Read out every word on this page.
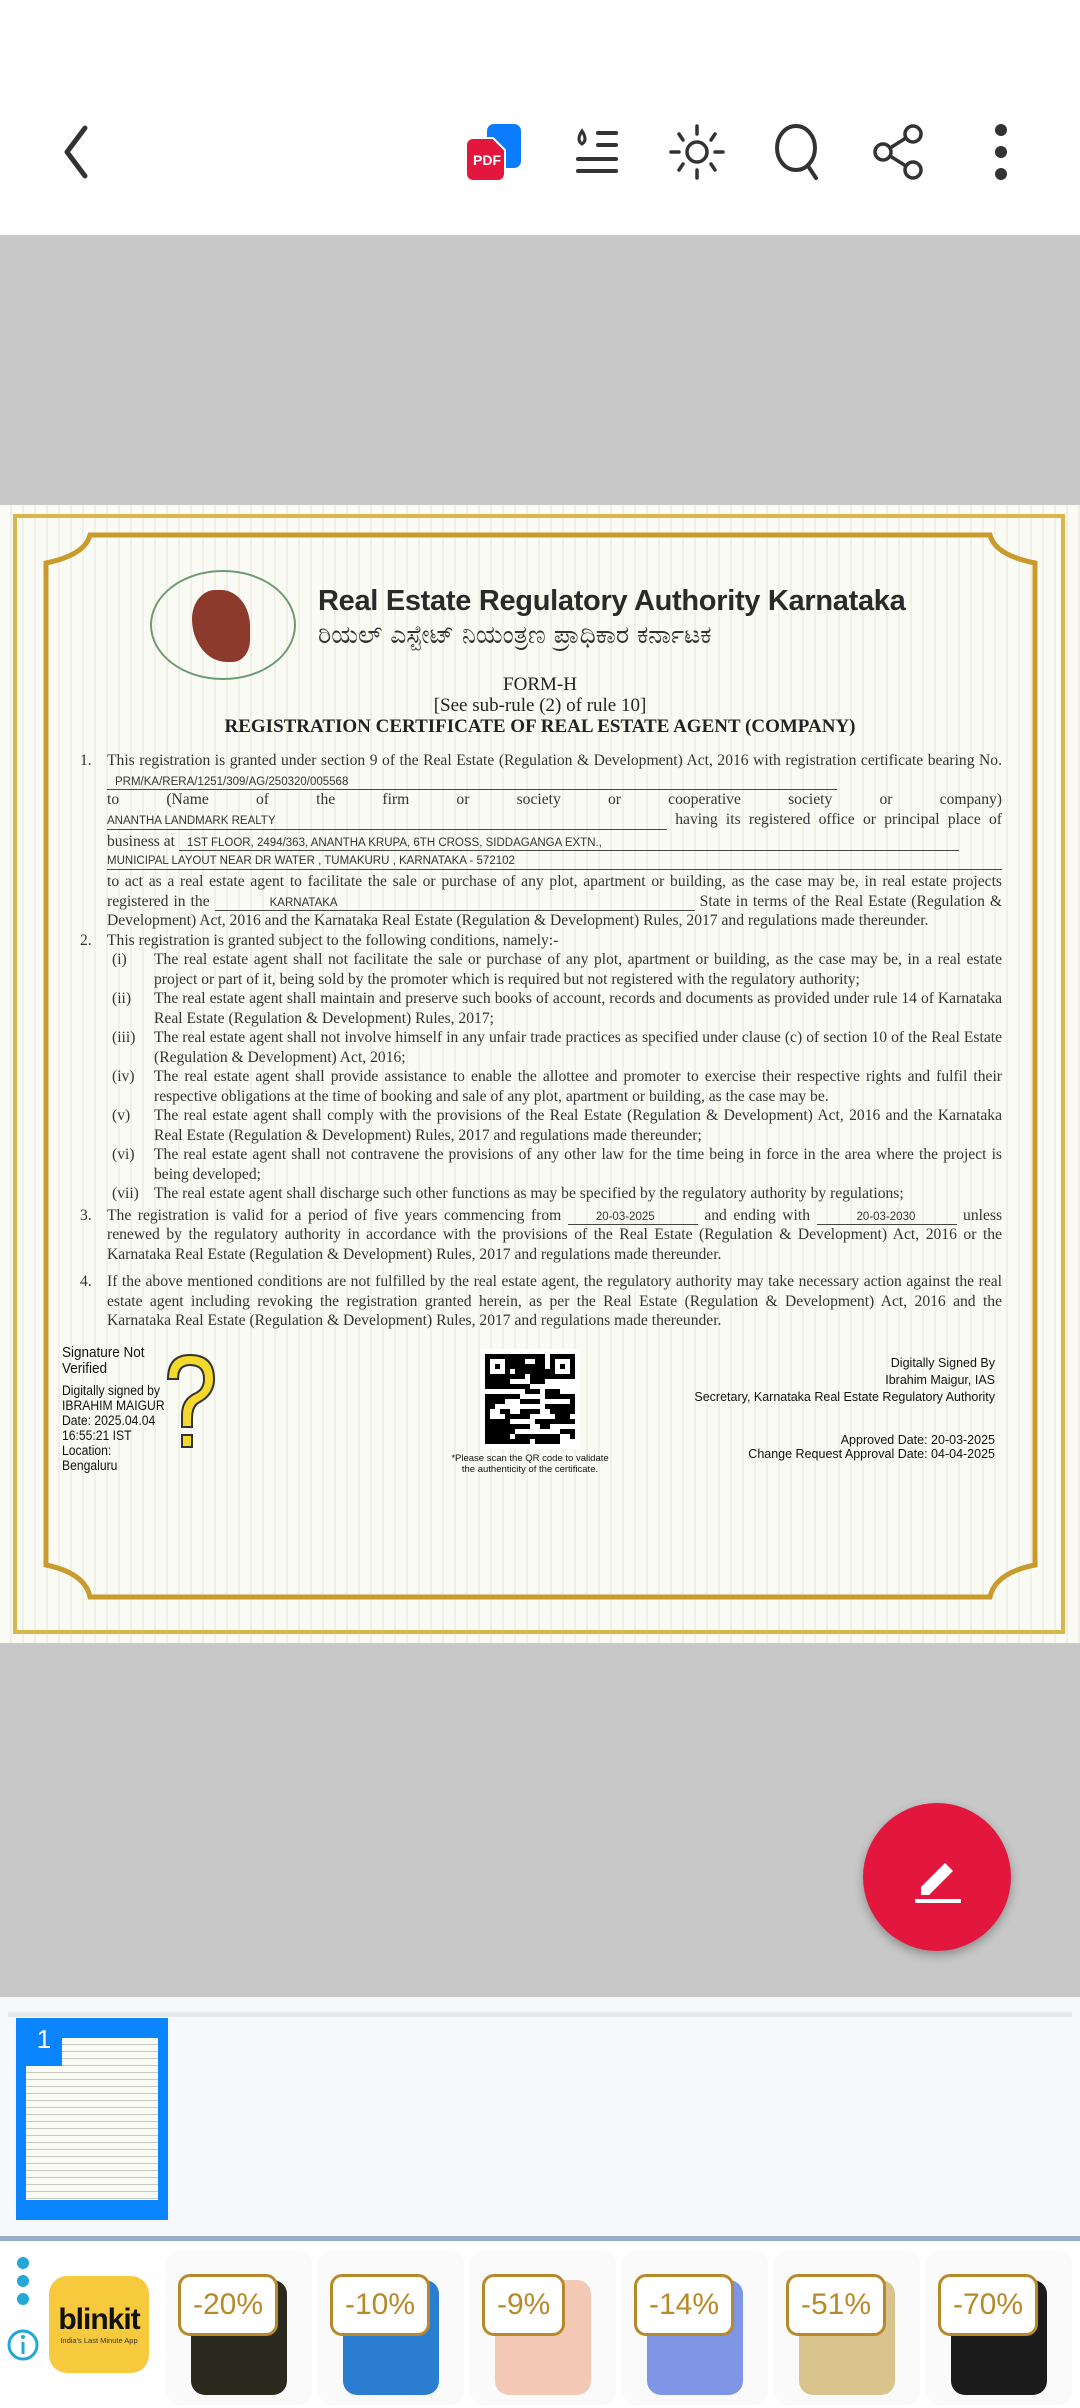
PDF
Real Estate Regulatory Authority Karnataka
ರಿಯಲ್ ಎಸ್ಟೇಟ್ ನಿಯಂತ್ರಣ ಪ್ರಾಧಿಕಾರ ಕರ್ನಾಟಕ
FORM-H
[See sub-rule (2) of rule 10]
REGISTRATION CERTIFICATE OF REAL ESTATE AGENT (COMPANY)
1. This registration is granted under section 9 of the Real Estate (Regulation & Development) Act, 2016 with registration certificate bearing No. PRM/KA/RERA/1251/309/AG/250320/005568
to (Name of the firm or society or cooperative society or company) ANANTHA LANDMARK REALTY	having its registered office or principal place of business at 1ST FLOOR, 2494/363, ANANTHA KRUPA, 6TH CROSS, SIDDAGANGA EXTN.,
MUNICIPAL LAYOUT NEAR DR WATER , TUMAKURU , KARNATAKA - 572102
to act as a real estate agent to facilitate the sale or purchase of any plot, apartment or building, as the case may be, in real estate projects registered in the	KARNATAKA	State in terms of the Real Estate (Regulation & Development) Act, 2016 and the Karnataka Real Estate (Regulation & Development) Rules, 2017 and regulations made thereunder.
2. This registration is granted subject to the following conditions, namely:-
(i)	The real estate agent shall not facilitate the sale or purchase of any plot, apartment or building, as the case may be, in a real estate project or part of it, being sold by the promoter which is required but not registered with the regulatory authority;
(ii)	The real estate agent shall maintain and preserve such books of account, records and documents as provided under rule 14 of Karnataka Real Estate (Regulation & Development) Rules, 2017;
(iii)	The real estate agent shall not involve himself in any unfair trade practices as specified under clause (c) of section 10 of the Real Estate (Regulation & Development) Act, 2016;
(iv)	The real estate agent shall provide assistance to enable the allottee and promoter to exercise their respective rights and fulfil their respective obligations at the time of booking and sale of any plot, apartment or building, as the case may be.
(v)	The real estate agent shall comply with the provisions of the Real Estate (Regulation & Development) Act, 2016 and the Karnataka Real Estate (Regulation & Development) Rules, 2017 and regulations made thereunder;
(vi)	The real estate agent shall not contravene the provisions of any other law for the time being in force in the area where the project is being developed;
(vii) The real estate agent shall discharge such other functions as may be specified by the regulatory authority by regulations;
3. The registration is valid for a period of five years commencing from	20-03-2025	and ending with	20-03-2030	unless renewed by the regulatory authority in accordance with the provisions of the Real Estate (Regulation & Development) Act, 2016 or the Karnataka Real Estate (Regulation & Development) Rules, 2017 and regulations made thereunder.
4. If the above mentioned conditions are not fulfilled by the real estate agent, the regulatory authority may take necessary action against the real estate agent including revoking the registration granted herein, as per the Real Estate (Regulation & Development) Act, 2016 and the Karnataka Real Estate (Regulation & Development) Rules, 2017 and regulations made thereunder.
Signature Not
Verified
Digitally signed by
IBRAHIM MAIGUR
Date: 2025.04.04
16:55:21 IST
Location:
Bengaluru	*Please scan the QR code to validate
the authenticity of the certificate.
Digitally Signed By
Ibrahim Maigur, IAS
Secretary, Karnataka Real Estate Regulatory Authority
Approved Date: 20-03-2025
Change Request Approval Date: 04-04-2025
1
blinkit
India's Last Minute App
-20%	-10%	-9%	-14%	-51%	-70%
